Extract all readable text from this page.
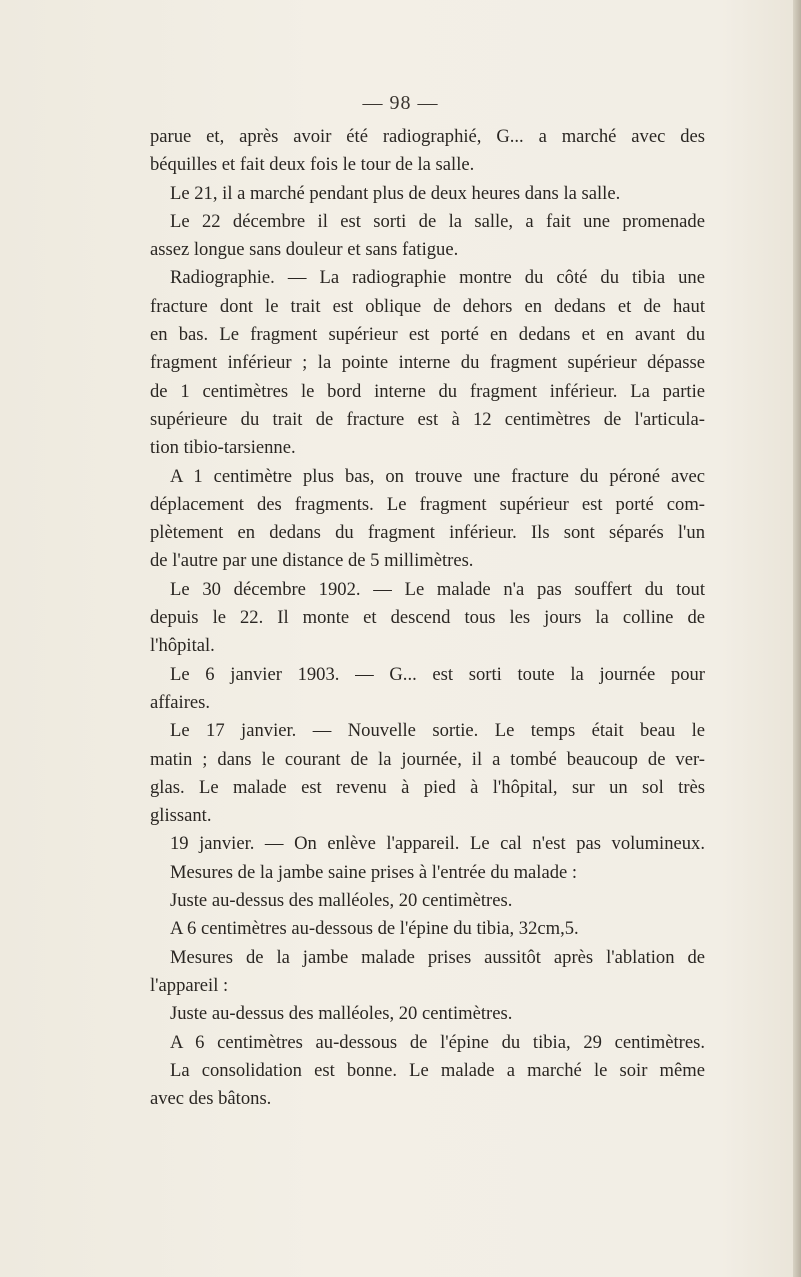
— 98 —
parue et, après avoir été radiographié, G... a marché avec des
béquilles et fait deux fois le tour de la salle.
Le 21, il a marché pendant plus de deux heures dans la salle.
Le 22 décembre il est sorti de la salle, a fait une promenade
assez longue sans douleur et sans fatigue.
Radiographie. — La radiographie montre du côté du tibia une
fracture dont le trait est oblique de dehors en dedans et de haut
en bas. Le fragment supérieur est porté en dedans et en avant du
fragment inférieur ; la pointe interne du fragment supérieur dépasse
de 1 centimètres le bord interne du fragment inférieur. La partie
supérieure du trait de fracture est à 12 centimètres de l'articula-
tion tibio-tarsienne.
A 1 centimètre plus bas, on trouve une fracture du péroné avec
déplacement des fragments. Le fragment supérieur est porté com-
plètement en dedans du fragment inférieur. Ils sont séparés l'un
de l'autre par une distance de 5 millimètres.
Le 30 décembre 1902. — Le malade n'a pas souffert du tout
depuis le 22. Il monte et descend tous les jours la colline de
l'hôpital.
Le 6 janvier 1903. — G... est sorti toute la journée pour
affaires.
Le 17 janvier. — Nouvelle sortie. Le temps était beau le
matin ; dans le courant de la journée, il a tombé beaucoup de ver-
glas. Le malade est revenu à pied à l'hôpital, sur un sol très
glissant.
19 janvier. — On enlève l'appareil. Le cal n'est pas volumineux.
Mesures de la jambe saine prises à l'entrée du malade :
Juste au-dessus des malléoles, 20 centimètres.
A 6 centimètres au-dessous de l'épine du tibia, 32cm,5.
Mesures de la jambe malade prises aussitôt après l'ablation de
l'appareil :
Juste au-dessus des malléoles, 20 centimètres.
A 6 centimètres au-dessous de l'épine du tibia, 29 centimètres.
La consolidation est bonne. Le malade a marché le soir même
avec des bâtons.
